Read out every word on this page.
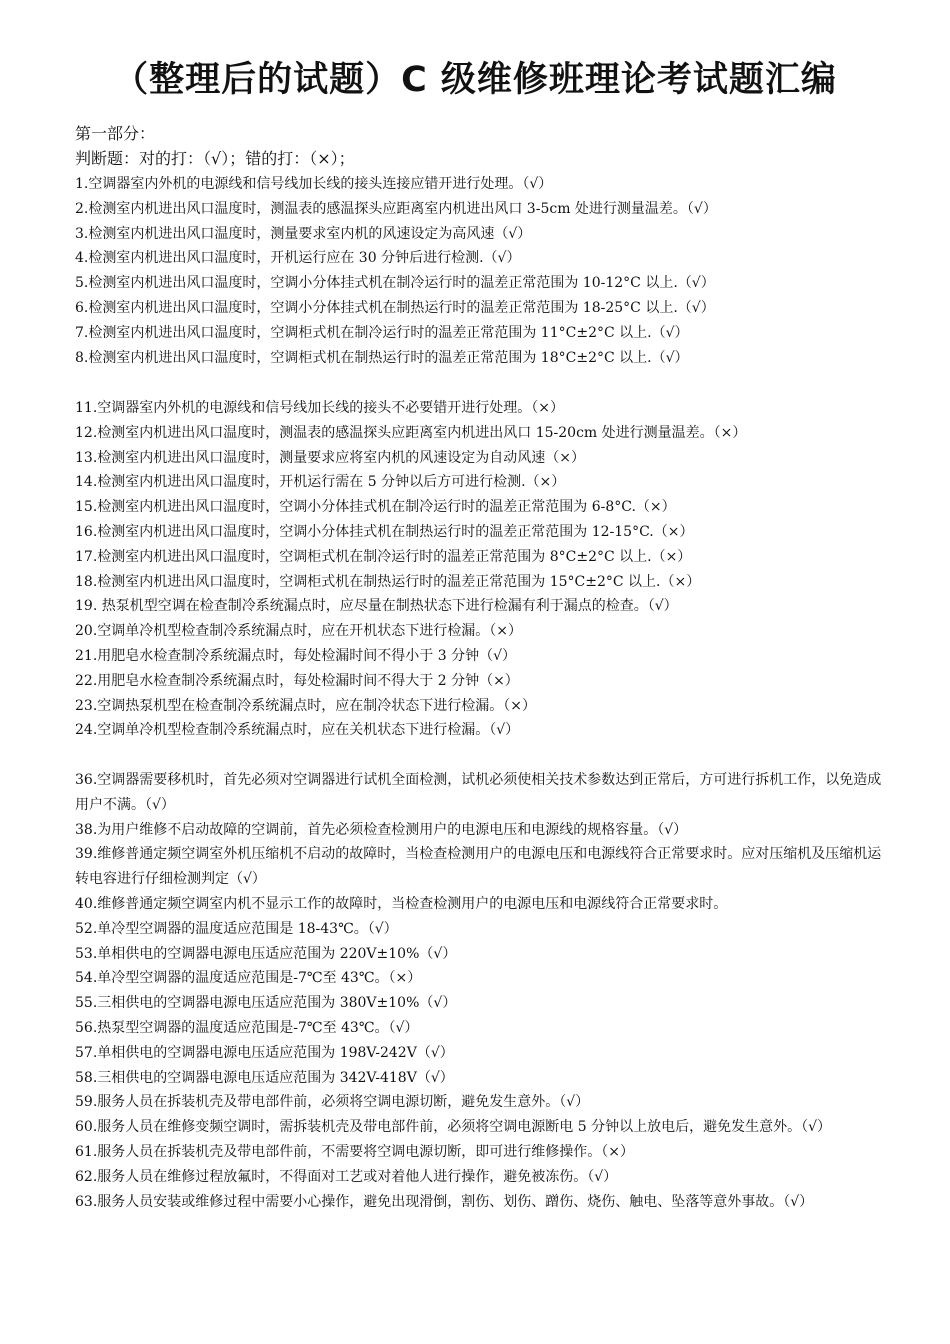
（整理后的试题）C 级维修班理论考试题汇编
第一部分：
判断题：对的打：（√）；错的打：（×）；

1.空调器室内外机的电源线和信号线加长线的接头连接应错开进行处理。（√）

2.检测室内机进出风口温度时，测温表的感温探头应距离室内机进出风口 3-5cm 处进行测量温差。（√）

3.检测室内机进出风口温度时，测量要求室内机的风速设定为高风速（√）

4.检测室内机进出风口温度时，开机运行应在 30 分钟后进行检测.（√）

5.检测室内机进出风口温度时，空调小分体挂式机在制冷运行时的温差正常范围为 10-12°C 以上.（√）

6.检测室内机进出风口温度时，空调小分体挂式机在制热运行时的温差正常范围为 18-25°C 以上.（√）

7.检测室内机进出风口温度时，空调柜式机在制冷运行时的温差正常范围为 11°C±2°C 以上.（√）

8.检测室内机进出风口温度时，空调柜式机在制热运行时的温差正常范围为 18°C±2°C 以上.（√）

11.空调器室内外机的电源线和信号线加长线的接头不必要错开进行处理。（×）

12.检测室内机进出风口温度时，测温表的感温探头应距离室内机进出风口 15-20cm 处进行测量温差。（×）

13.检测室内机进出风口温度时，测量要求应将室内机的风速设定为自动风速（×）

14.检测室内机进出风口温度时，开机运行需在 5 分钟以后方可进行检测.（×）

15.检测室内机进出风口温度时，空调小分体挂式机在制冷运行时的温差正常范围为 6-8°C.（×）

16.检测室内机进出风口温度时，空调小分体挂式机在制热运行时的温差正常范围为 12-15°C.（×）

17.检测室内机进出风口温度时，空调柜式机在制冷运行时的温差正常范围为 8°C±2°C 以上.（×）

18.检测室内机进出风口温度时，空调柜式机在制热运行时的温差正常范围为 15°C±2°C 以上.（×）

19. 热泵机型空调在检查制冷系统漏点时，应尽量在制热状态下进行检漏有利于漏点的检查。（√）

20.空调单冷机型检查制冷系统漏点时，应在开机状态下进行检漏。（×）

21.用肥皂水检查制冷系统漏点时，每处检漏时间不得小于 3 分钟（√）

22.用肥皂水检查制冷系统漏点时，每处检漏时间不得大于 2 分钟（×）

23.空调热泵机型在检查制冷系统漏点时，应在制冷状态下进行检漏。（×）

24.空调单冷机型检查制冷系统漏点时，应在关机状态下进行检漏。（√）

36.空调器需要移机时，首先必须对空调器进行试机全面检测，试机必须使相关技术参数达到正常后，方可进行拆机工作，以免造成用户不满。（√）

38.为用户维修不启动故障的空调前，首先必须检查检测用户的电源电压和电源线的规格容量。（√）

39.维修普通定频空调室外机压缩机不启动的故障时，当检查检测用户的电源电压和电源线符合正常要求时。应对压缩机及压缩机运转电容进行仔细检测判定（√）

40.维修普通定频空调室内机不显示工作的故障时，当检查检测用户的电源电压和电源线符合正常要求时。

52.单冷型空调器的温度适应范围是 18-43℃。（√）

53.单相供电的空调器电源电压适应范围为 220V±10%（√）

54.单冷型空调器的温度适应范围是-7℃至 43℃。（×）

55.三相供电的空调器电源电压适应范围为 380V±10%（√）

56.热泵型空调器的温度适应范围是-7℃至 43℃。（√）

57.单相供电的空调器电源电压适应范围为 198V-242V（√）

58.三相供电的空调器电源电压适应范围为 342V-418V（√）

59.服务人员在拆装机壳及带电部件前，必须将空调电源切断，避免发生意外。（√）

60.服务人员在维修变频空调时，需拆装机壳及带电部件前，必须将空调电源断电 5 分钟以上放电后，避免发生意外。（√）

61.服务人员在拆装机壳及带电部件前，不需要将空调电源切断，即可进行维修操作。（×）

62.服务人员在维修过程放氟时，不得面对工艺或对着他人进行操作，避免被冻伤。（√）

63.服务人员安装或维修过程中需要小心操作，避免出现滑倒，割伤、划伤、蹭伤、烧伤、触电、坠落等意外事故。（√）
